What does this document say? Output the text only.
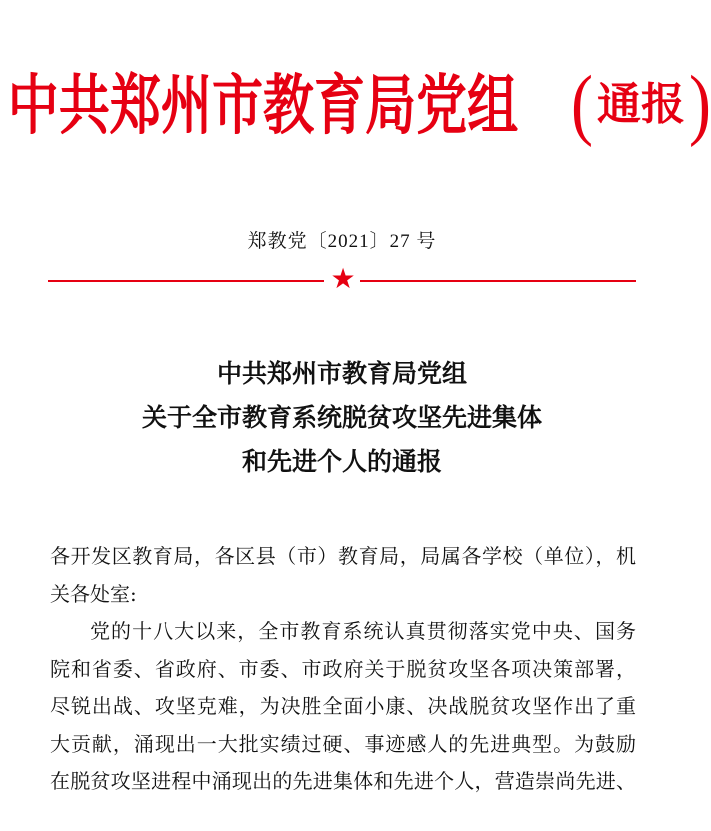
中共郑州市教育局党组 ( 通报 )
郑教党〔2021〕27 号
★
中共郑州市教育局党组
关于全市教育系统脱贫攻坚先进集体
和先进个人的通报
各开发区教育局，各区县（市）教育局，局属各学校（单位），机
关各处室:
党的十八大以来，全市教育系统认真贯彻落实党中央、国务
院和省委、省政府、市委、市政府关于脱贫攻坚各项决策部署，
尽锐出战、攻坚克难，为决胜全面小康、决战脱贫攻坚作出了重
大贡献，涌现出一大批实绩过硬、事迹感人的先进典型。为鼓励
在脱贫攻坚进程中涌现出的先进集体和先进个人，营造崇尚先进、
